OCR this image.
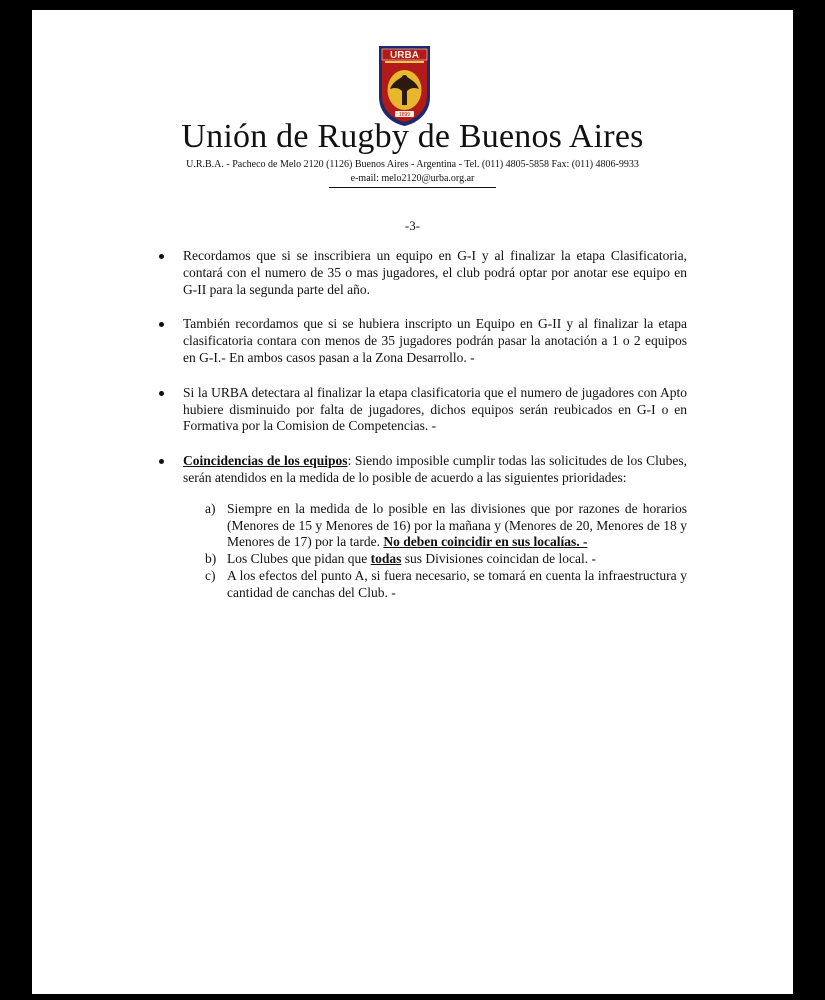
URBA
1899
Unión de Rugby de Buenos Aires
U.R.B.A. - Pacheco de Melo 2120 (1126) Buenos Aires - Argentina - Tel. (011) 4805-5858 Fax: (011) 4806-9933
e-mail: melo2120@urba.org.ar
-3-
Recordamos que si se inscribiera un equipo en G-I y al finalizar la etapa Clasificatoria, contará con el numero de 35 o mas jugadores, el club podrá optar por anotar ese equipo en G-II para la segunda parte del año.
También recordamos que si se hubiera inscripto un Equipo en G-II y al finalizar la etapa clasificatoria contara con menos de 35 jugadores podrán pasar la anotación a 1 o 2 equipos en G-I.- En ambos casos pasan a la Zona Desarrollo. -
Si la URBA detectara al finalizar la etapa clasificatoria que el numero de jugadores con Apto hubiere disminuido por falta de jugadores, dichos equipos serán reubicados en G-I o en Formativa por la Comision de Competencias. -
Coincidencias de los equipos: Siendo imposible cumplir todas las solicitudes de los Clubes, serán atendidos en la medida de lo posible de acuerdo a las siguientes prioridades:
a) Siempre en la medida de lo posible en las divisiones que por razones de horarios (Menores de 15 y Menores de 16) por la mañana y (Menores de 20, Menores de 18 y Menores de 17) por la tarde. No deben coincidir en sus localías. -
b) Los Clubes que pidan que todas sus Divisiones coincidan de local. -
c) A los efectos del punto A, si fuera necesario, se tomará en cuenta la infraestructura y cantidad de canchas del Club. -
